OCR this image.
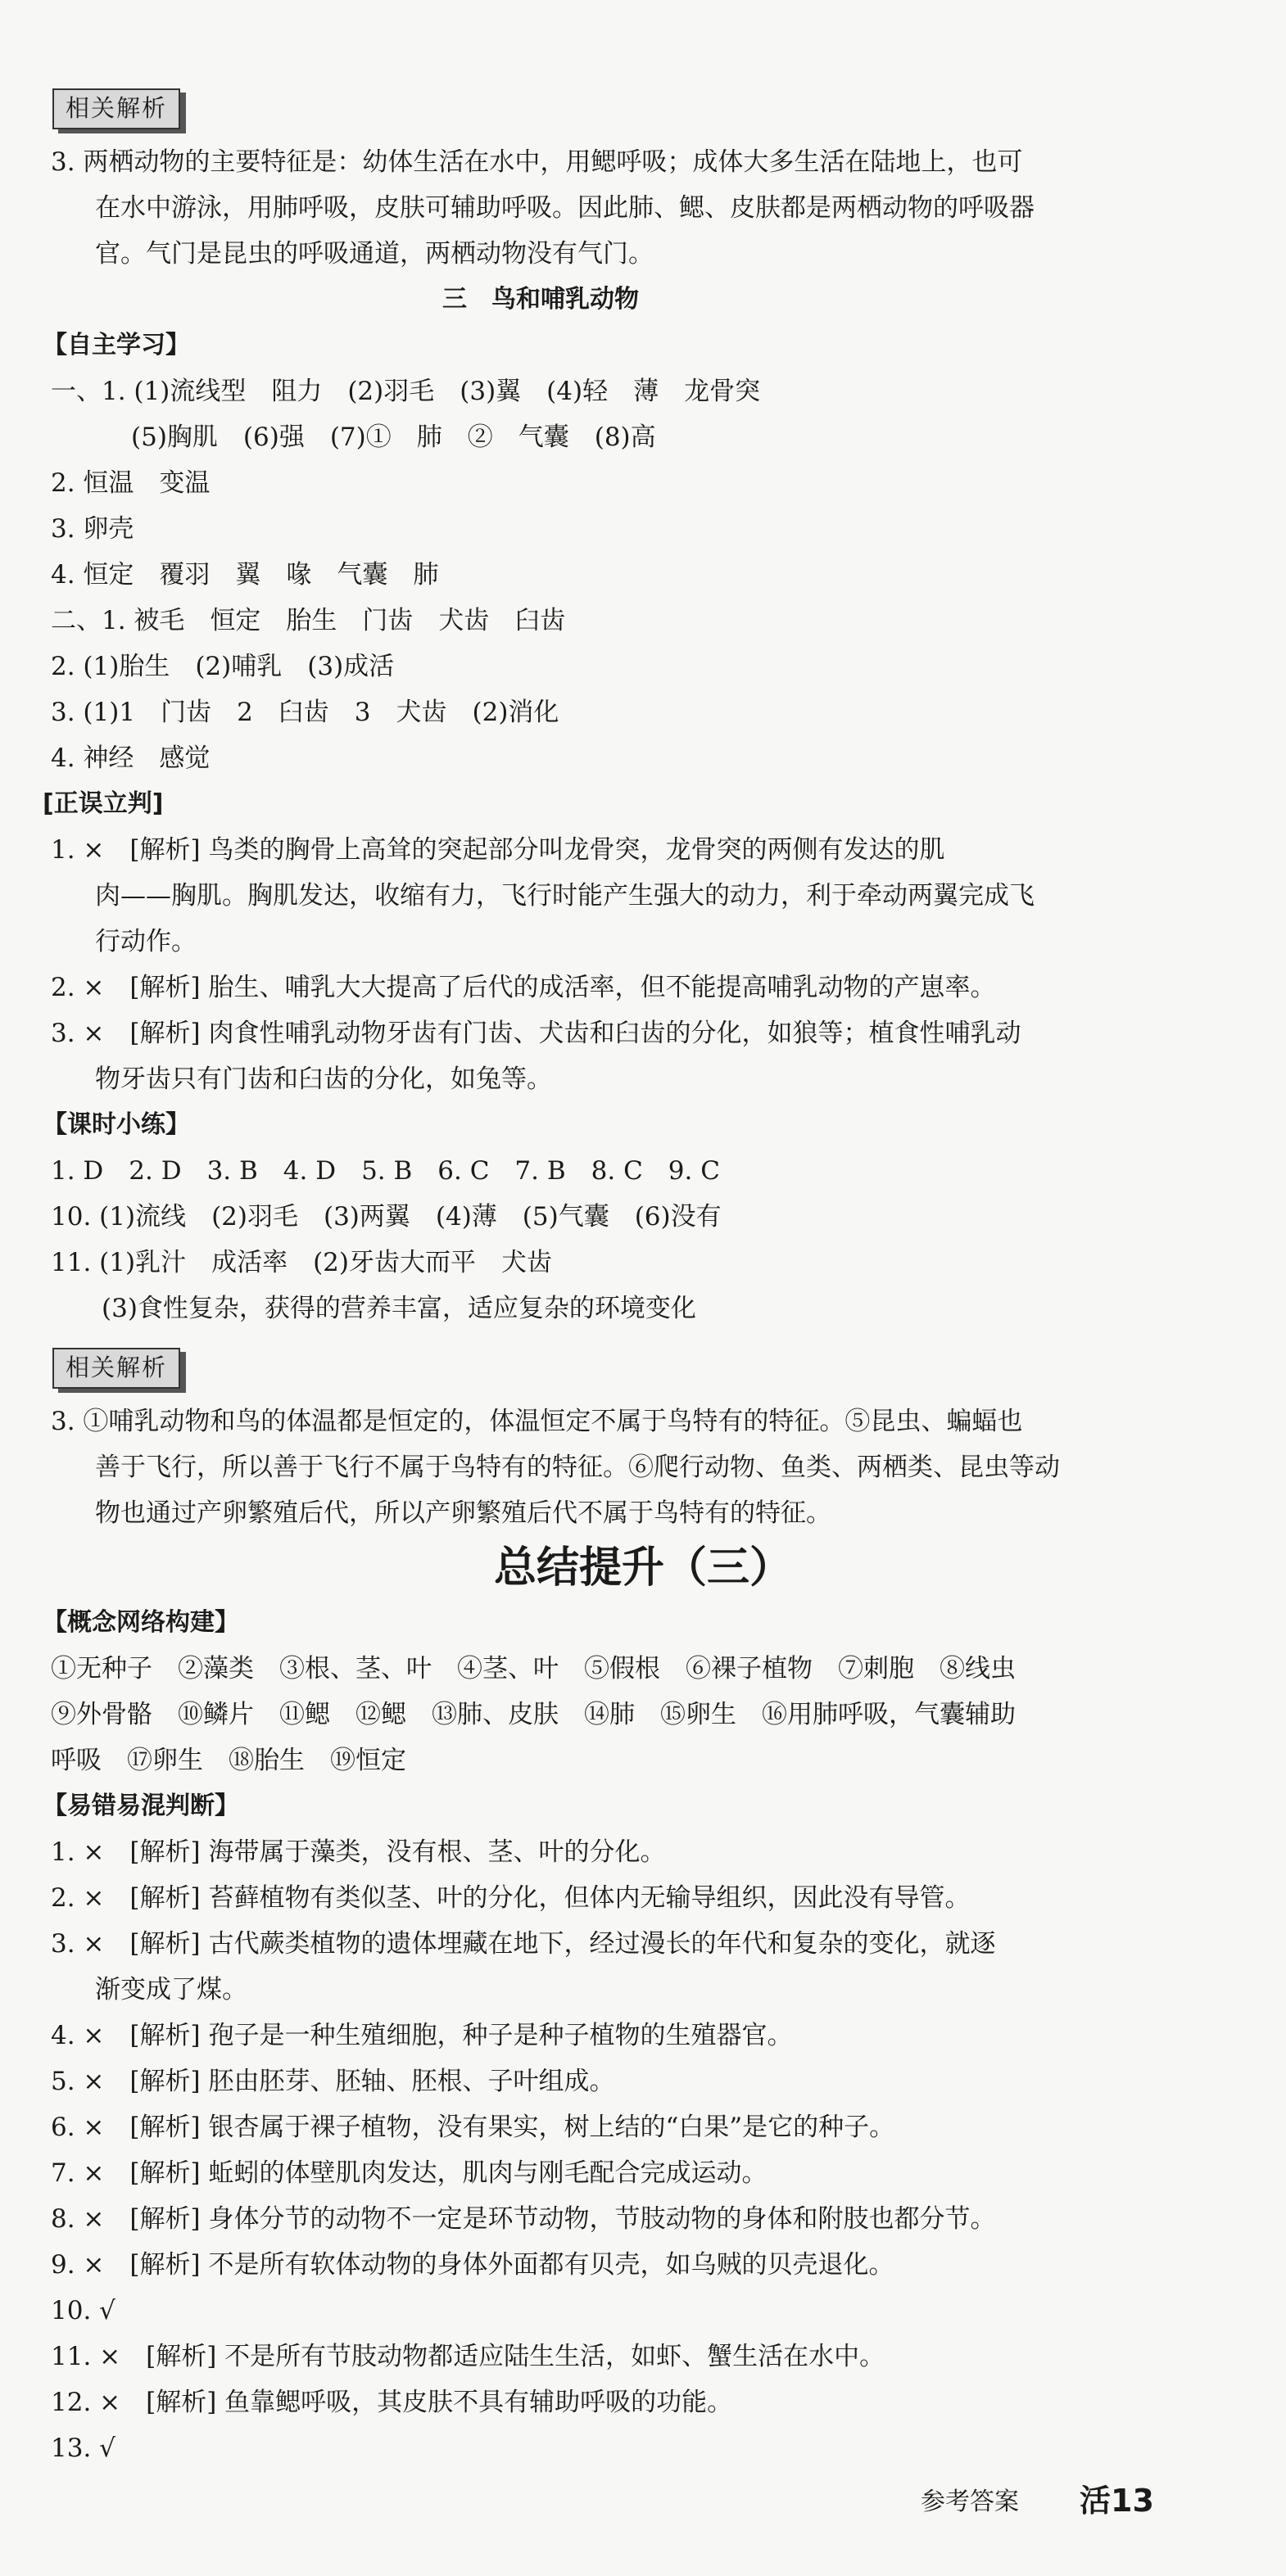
相关解析
3. 两栖动物的主要特征是：幼体生活在水中，用鳃呼吸；成体大多生活在陆地上，也可
在水中游泳，用肺呼吸，皮肤可辅助呼吸。因此肺、鳃、皮肤都是两栖动物的呼吸器
官。气门是昆虫的呼吸通道，两栖动物没有气门。
三　鸟和哺乳动物
【自主学习】
一、1. (1)流线型　阻力　(2)羽毛　(3)翼　(4)轻　薄　龙骨突
(5)胸肌　(6)强　(7)①　肺　②　气囊　(8)高
2. 恒温　变温
3. 卵壳
4. 恒定　覆羽　翼　喙　气囊　肺
二、1. 被毛　恒定　胎生　门齿　犬齿　臼齿
2. (1)胎生　(2)哺乳　(3)成活
3. (1)1　门齿　2　臼齿　3　犬齿　(2)消化
4. 神经　感觉
[正误立判]
1. ×　[解析] 鸟类的胸骨上高耸的突起部分叫龙骨突，龙骨突的两侧有发达的肌
肉——胸肌。胸肌发达，收缩有力，飞行时能产生强大的动力，利于牵动两翼完成飞
行动作。
2. ×　[解析] 胎生、哺乳大大提高了后代的成活率，但不能提高哺乳动物的产崽率。
3. ×　[解析] 肉食性哺乳动物牙齿有门齿、犬齿和臼齿的分化，如狼等；植食性哺乳动
物牙齿只有门齿和臼齿的分化，如兔等。
【课时小练】
1. D　2. D　3. B　4. D　5. B　6. C　7. B　8. C　9. C
10. (1)流线　(2)羽毛　(3)两翼　(4)薄　(5)气囊　(6)没有
11. (1)乳汁　成活率　(2)牙齿大而平　犬齿
(3)食性复杂，获得的营养丰富，适应复杂的环境变化
相关解析
3. ①哺乳动物和鸟的体温都是恒定的，体温恒定不属于鸟特有的特征。⑤昆虫、蝙蝠也
善于飞行，所以善于飞行不属于鸟特有的特征。⑥爬行动物、鱼类、两栖类、昆虫等动
物也通过产卵繁殖后代，所以产卵繁殖后代不属于鸟特有的特征。
总结提升（三）
【概念网络构建】
①无种子　②藻类　③根、茎、叶　④茎、叶　⑤假根　⑥裸子植物　⑦刺胞　⑧线虫
⑨外骨骼　⑩鳞片　⑪鳃　⑫鳃　⑬肺、皮肤　⑭肺　⑮卵生　⑯用肺呼吸，气囊辅助
呼吸　⑰卵生　⑱胎生　⑲恒定
【易错易混判断】
1. ×　[解析] 海带属于藻类，没有根、茎、叶的分化。
2. ×　[解析] 苔藓植物有类似茎、叶的分化，但体内无输导组织，因此没有导管。
3. ×　[解析] 古代蕨类植物的遗体埋藏在地下，经过漫长的年代和复杂的变化，就逐
渐变成了煤。
4. ×　[解析] 孢子是一种生殖细胞，种子是种子植物的生殖器官。
5. ×　[解析] 胚由胚芽、胚轴、胚根、子叶组成。
6. ×　[解析] 银杏属于裸子植物，没有果实，树上结的“白果”是它的种子。
7. ×　[解析] 蚯蚓的体壁肌肉发达，肌肉与刚毛配合完成运动。
8. ×　[解析] 身体分节的动物不一定是环节动物，节肢动物的身体和附肢也都分节。
9. ×　[解析] 不是所有软体动物的身体外面都有贝壳，如乌贼的贝壳退化。
10. √
11. ×　[解析] 不是所有节肢动物都适应陆生生活，如虾、蟹生活在水中。
12. ×　[解析] 鱼靠鳃呼吸，其皮肤不具有辅助呼吸的功能。
13. √
参考答案 活13
